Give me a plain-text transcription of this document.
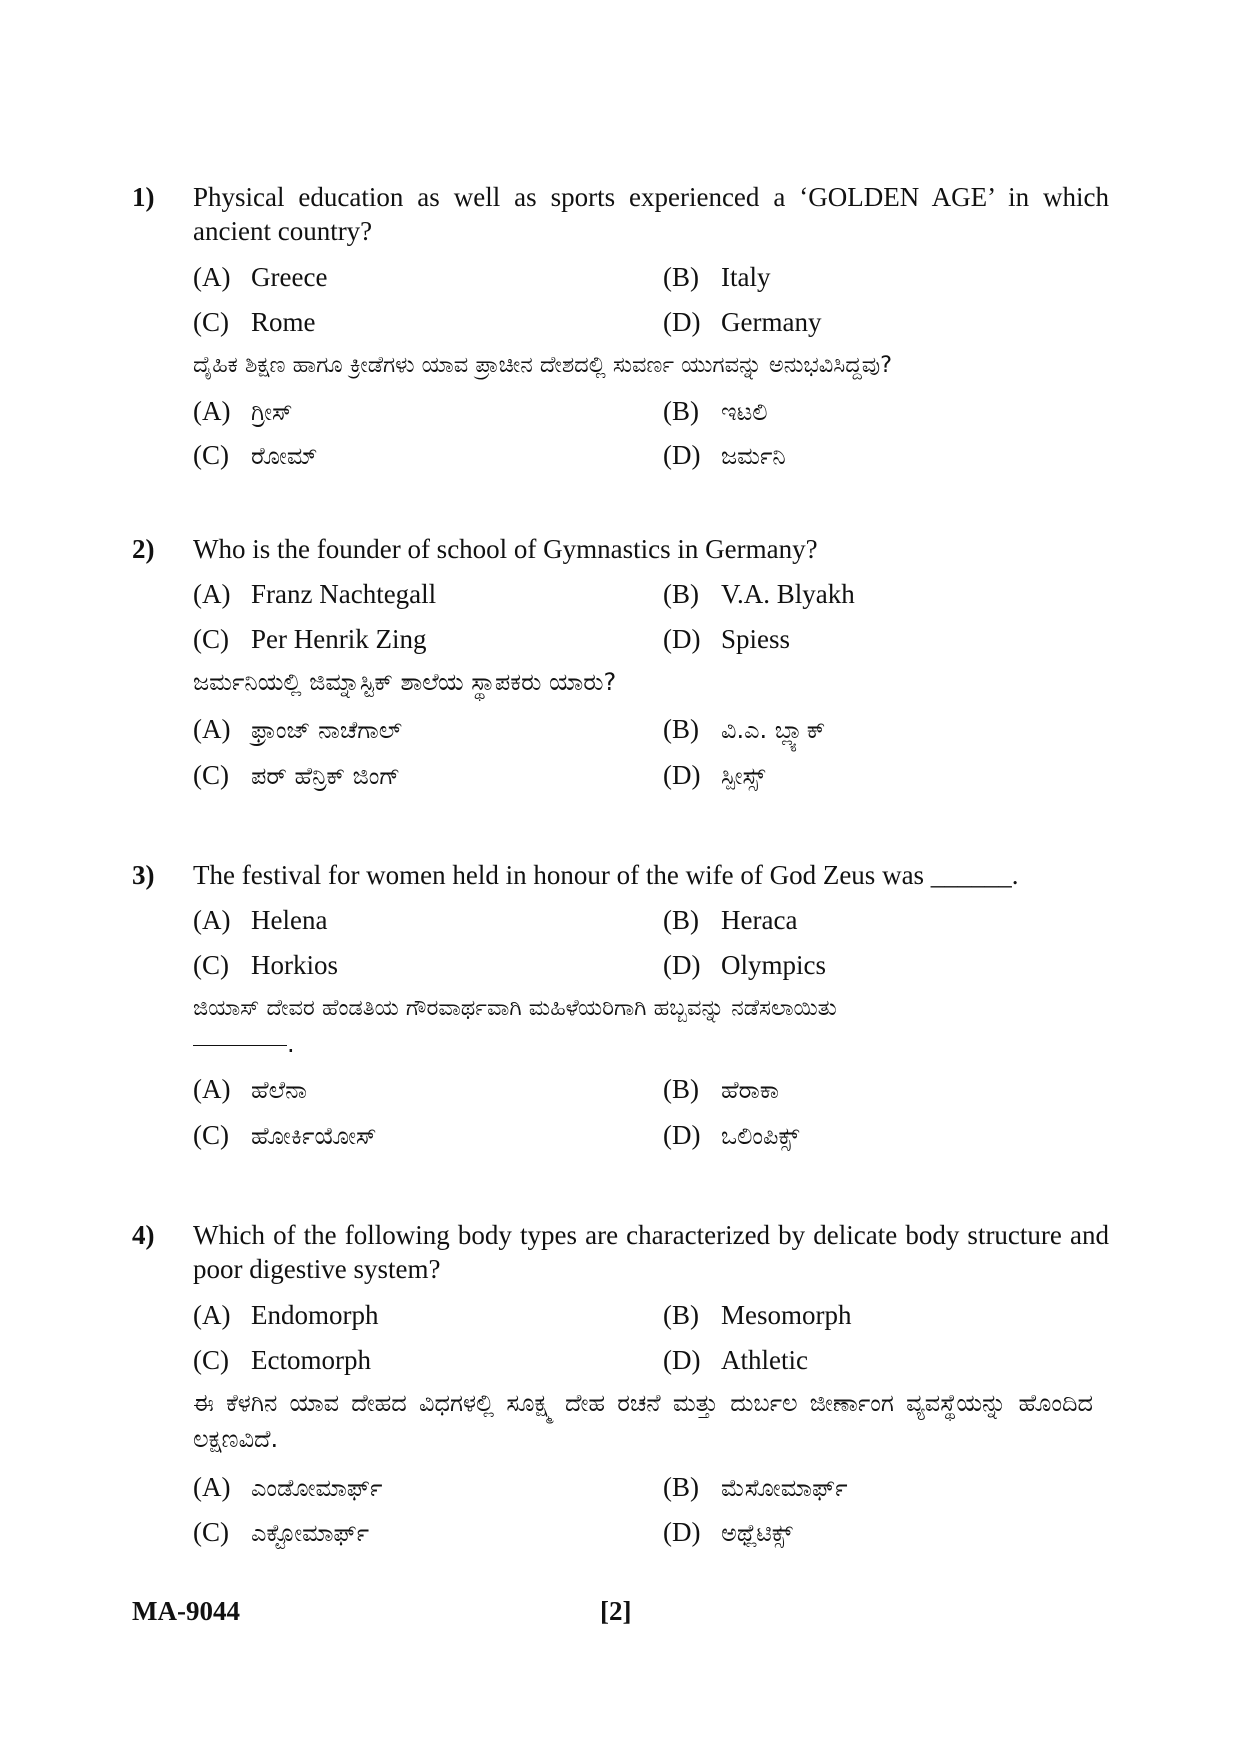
1) Physical education as well as sports experienced a ‘GOLDEN AGE’ in which ancient country?
(A) Greece	(B) Italy
(C) Rome	(D) Germany
ದೈಹಿಕ ಶಿಕ್ಷಣ ಹಾಗೂ ಕ್ರೀಡೆಗಳು ಯಾವ ಪ್ರಾಚೀನ ದೇಶದಲ್ಲಿ ಸುವರ್ಣ ಯುಗವನ್ನು ಅನುಭವಿಸಿದ್ದವು?
(A) ಗ್ರೀಸ್	(B) ಇಟಲಿ
(C) ರೋಮ್	(D) ಜರ್ಮನಿ
2) Who is the founder of school of Gymnastics in Germany?
(A) Franz Nachtegall	(B) V.A. Blyakh
(C) Per Henrik Zing	(D) Spiess
ಜರ್ಮನಿಯಲ್ಲಿ ಜಿಮ್ನಾಸ್ಟಿಕ್ ಶಾಲೆಯ ಸ್ಥಾಪಕರು ಯಾರು?
(A) ಫ್ರಾಂಜ್ ನಾಚೆಗಾಲ್	(B) ವಿ.ಎ. ಬ್ಲ್ಯಾಕ್
(C) ಪರ್ ಹೆನ್ರಿಕ್ ಜಿಂಗ್	(D) ಸ್ಪೀಸ್ಸ್
3) The festival for women held in honour of the wife of God Zeus was ______.
(A) Helena	(B) Heraca
(C) Horkios	(D) Olympics
ಜಿಯಾಸ್ ದೇವರ ಹೆಂಡತಿಯ ಗೌರವಾರ್ಥವಾಗಿ ಮಹಿಳೆಯರಿಗಾಗಿ ಹಬ್ಬವನ್ನು ನಡೆಸಲಾಯಿತು
.
(A) ಹೆಲೆನಾ	(B) ಹೆರಾಕಾ
(C) ಹೋರ್ಕಿಯೋಸ್	(D) ಒಲಿಂಪಿಕ್ಸ್
4) Which of the following body types are characterized by delicate body structure and poor digestive system?
(A) Endomorph	(B) Mesomorph
(C) Ectomorph	(D) Athletic
ಈ ಕೆಳಗಿನ ಯಾವ ದೇಹದ ವಿಧಗಳಲ್ಲಿ ಸೂಕ್ಷ್ಮ ದೇಹ ರಚನೆ ಮತ್ತು ದುರ್ಬಲ ಜೀರ್ಣಾಂಗ ವ್ಯವಸ್ಥೆಯನ್ನು ಹೊಂದಿದ ಲಕ್ಷಣವಿದೆ.
(A) ಎಂಡೋಮಾರ್ಫ್	(B) ಮೆಸೋಮಾರ್ಫ್
(C) ಎಕ್ಟೋಮಾರ್ಫ್	(D) ಅಥ್ಲೆಟಿಕ್ಸ್
MA-9044	[2]
